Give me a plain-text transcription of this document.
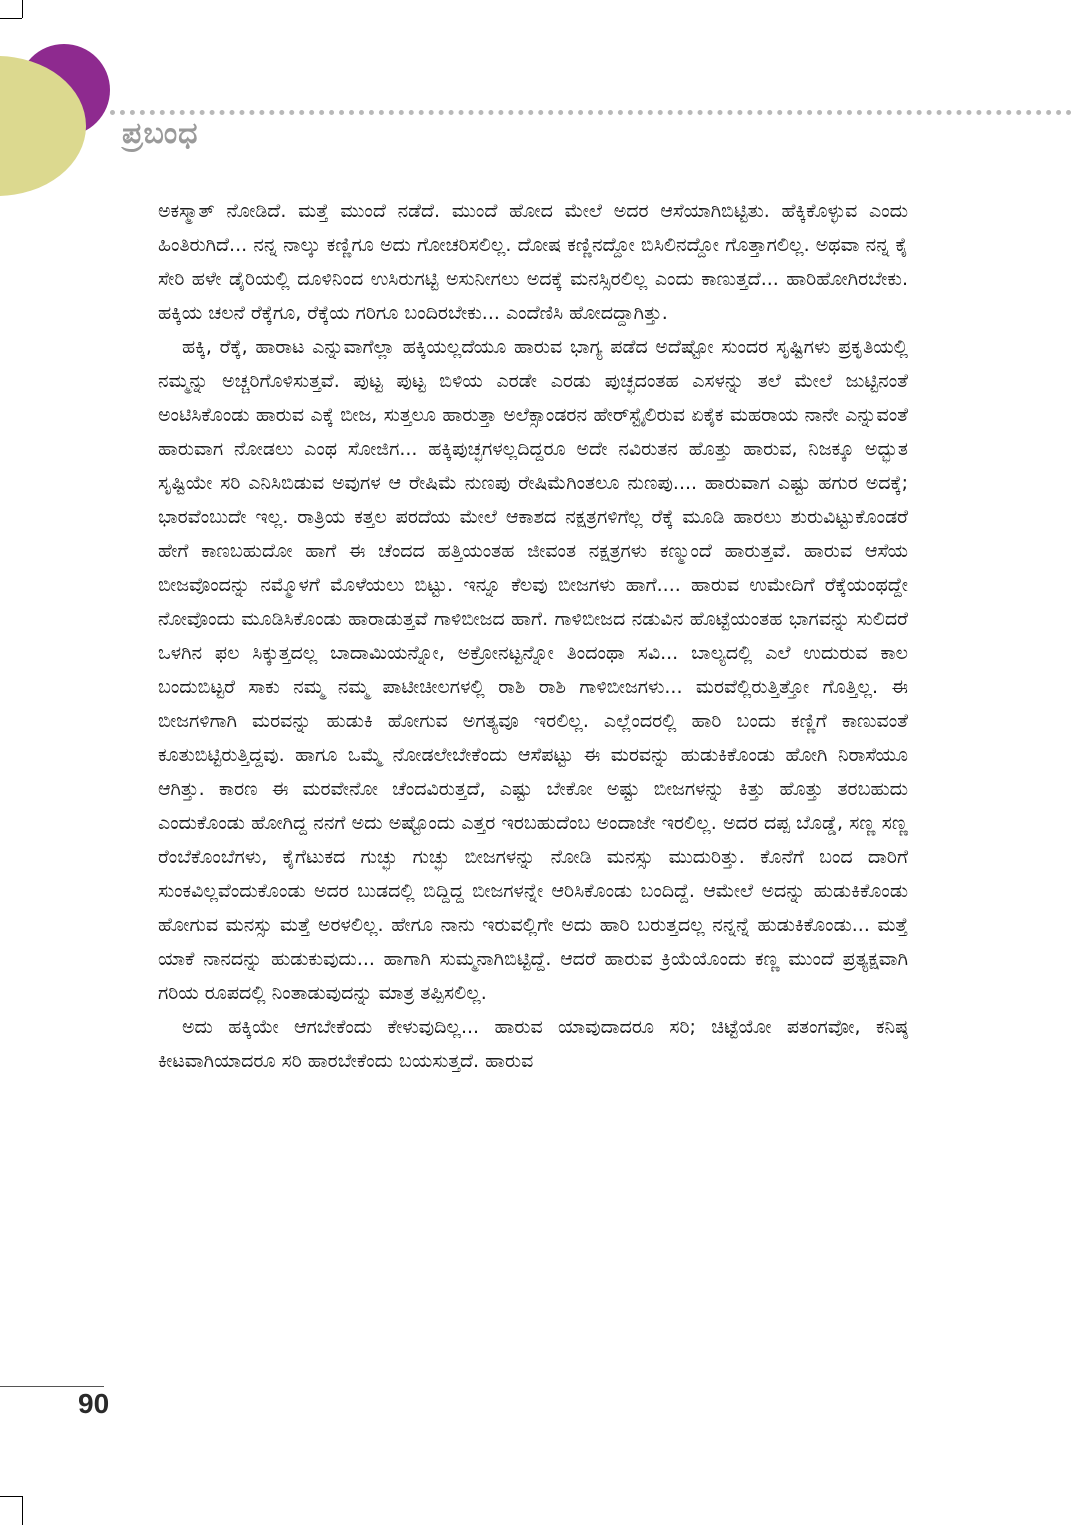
ಪ್ರಬಂಧ

ಅಕಸ್ಮಾತ್ ನೋಡಿದೆ. ಮತ್ತೆ ಮುಂದೆ ನಡೆದೆ. ಮುಂದೆ ಹೋದ ಮೇಲೆ ಅದರ ಆಸೆಯಾಗಿಬಿಟ್ಟಿತು. ಹೆಕ್ಕಿಕೊಳ್ಳುವ ಎಂದು ಹಿಂತಿರುಗಿದೆ... ನನ್ನ ನಾಲ್ಕು ಕಣ್ಣಿಗೂ ಅದು ಗೋಚರಿಸಲಿಲ್ಲ. ದೋಷ ಕಣ್ಣಿನದ್ದೋ ಬಿಸಿಲಿನದ್ದೋ ಗೊತ್ತಾಗಲಿಲ್ಲ. ಅಥವಾ ನನ್ನ ಕೈ ಸೇರಿ ಹಳೇ ಡೈರಿಯಲ್ಲಿ ದೂಳಿನಿಂದ ಉಸಿರುಗಟ್ಟಿ ಅಸುನೀಗಲು ಅದಕ್ಕೆ ಮನಸ್ಸಿರಲಿಲ್ಲ ಎಂದು ಕಾಣುತ್ತದೆ... ಹಾರಿಹೋಗಿರಬೇಕು. ಹಕ್ಕಿಯ ಚಲನೆ ರೆಕ್ಕೆಗೂ, ರೆಕ್ಕೆಯ ಗರಿಗೂ ಬಂದಿರಬೇಕು... ಎಂದೆಣಿಸಿ ಹೋದದ್ದಾಗಿತ್ತು.

ಹಕ್ಕಿ, ರೆಕ್ಕೆ, ಹಾರಾಟ ಎನ್ನುವಾಗೆಲ್ಲಾ ಹಕ್ಕಿಯಲ್ಲದೆಯೂ ಹಾರುವ ಭಾಗ್ಯ ಪಡೆದ ಅದೆಷ್ಟೋ ಸುಂದರ ಸೃಷ್ಟಿಗಳು ಪ್ರಕೃತಿಯಲ್ಲಿ ನಮ್ಮನ್ನು ಅಚ್ಚರಿಗೊಳಿಸುತ್ತವೆ. ಪುಟ್ಟ ಪುಟ್ಟ ಬಿಳಿಯ ಎರಡೇ ಎರಡು ಪುಚ್ಛದಂತಹ ಎಸಳನ್ನು ತಲೆ ಮೇಲೆ ಜುಟ್ಟಿನಂತೆ ಅಂಟಿಸಿಕೊಂಡು ಹಾರುವ ಎಕ್ಕೆ ಬೀಜ, ಸುತ್ತಲೂ ಹಾರುತ್ತಾ ಅಲೆಕ್ಸಾಂಡರನ ಹೇರ್‌ಸ್ಟೈಲಿರುವ ಏಕೈಕ ಮಹರಾಯ ನಾನೇ ಎನ್ನುವಂತೆ ಹಾರುವಾಗ ನೋಡಲು ಎಂಥ ಸೋಜಿಗ... ಹಕ್ಕಿಪುಚ್ಛಗಳಲ್ಲದಿದ್ದರೂ ಅದೇ ನವಿರುತನ ಹೊತ್ತು ಹಾರುವ, ನಿಜಕ್ಕೂ ಅದ್ಭುತ ಸೃಷ್ಟಿಯೇ ಸರಿ ಎನಿಸಿಬಿಡುವ ಅವುಗಳ ಆ ರೇಷಿಮೆ ನುಣಪು ರೇಷಿಮೆಗಿಂತಲೂ ನುಣಪು.... ಹಾರುವಾಗ ಎಷ್ಟು ಹಗುರ ಅದಕ್ಕೆ; ಭಾರವೆಂಬುದೇ ಇಲ್ಲ. ರಾತ್ರಿಯ ಕತ್ತಲ ಪರದೆಯ ಮೇಲೆ ಆಕಾಶದ ನಕ್ಷತ್ರಗಳಿಗೆಲ್ಲ ರೆಕ್ಕೆ ಮೂಡಿ ಹಾರಲು ಶುರುವಿಟ್ಟುಕೊಂಡರೆ ಹೇಗೆ ಕಾಣಬಹುದೋ ಹಾಗೆ ಈ ಚೆಂದದ ಹತ್ತಿಯಂತಹ ಜೀವಂತ ನಕ್ಷತ್ರಗಳು ಕಣ್ಮುಂದೆ ಹಾರುತ್ತವೆ. ಹಾರುವ ಆಸೆಯ ಬೀಜವೊಂದನ್ನು ನಮ್ಮೊಳಗೆ ಮೊಳೆಯಲು ಬಿಟ್ಟು. ಇನ್ನೂ ಕೆಲವು ಬೀಜಗಳು ಹಾಗೆ.... ಹಾರುವ ಉಮೇದಿಗೆ ರೆಕ್ಕೆಯಂಥದ್ದೇ ನೋವೊಂದು ಮೂಡಿಸಿಕೊಂಡು ಹಾರಾಡುತ್ತವೆ ಗಾಳಿಬೀಜದ ಹಾಗೆ. ಗಾಳಿಬೀಜದ ನಡುವಿನ ಹೊಟ್ಟೆಯಂತಹ ಭಾಗವನ್ನು ಸುಲಿದರೆ ಒಳಗಿನ ಫಲ ಸಿಕ್ಕುತ್ತದಲ್ಲ ಬಾದಾಮಿಯನ್ನೋ, ಅಕ್ರೋನಟ್ಟನ್ನೋ ತಿಂದಂಥಾ ಸವಿ... ಬಾಲ್ಯದಲ್ಲಿ ಎಲೆ ಉದುರುವ ಕಾಲ ಬಂದುಬಿಟ್ಟರೆ ಸಾಕು ನಮ್ಮ ನಮ್ಮ ಪಾಟೀಚೀಲಗಳಲ್ಲಿ ರಾಶಿ ರಾಶಿ ಗಾಳಿಬೀಜಗಳು... ಮರವೆಲ್ಲಿರುತ್ತಿತ್ತೋ ಗೊತ್ತಿಲ್ಲ. ಈ ಬೀಜಗಳಿಗಾಗಿ ಮರವನ್ನು ಹುಡುಕಿ ಹೋಗುವ ಅಗತ್ಯವೂ ಇರಲಿಲ್ಲ. ಎಲ್ಲೆಂದರಲ್ಲಿ ಹಾರಿ ಬಂದು ಕಣ್ಣಿಗೆ ಕಾಣುವಂತೆ ಕೂತುಬಿಟ್ಟಿರುತ್ತಿದ್ದವು. ಹಾಗೂ ಒಮ್ಮೆ ನೋಡಲೇಬೇಕೆಂದು ಆಸೆಪಟ್ಟು ಈ ಮರವನ್ನು ಹುಡುಕಿಕೊಂಡು ಹೋಗಿ ನಿರಾಸೆಯೂ ಆಗಿತ್ತು. ಕಾರಣ ಈ ಮರವೇನೋ ಚೆಂದವಿರುತ್ತದೆ, ಎಷ್ಟು ಬೇಕೋ ಅಷ್ಟು ಬೀಜಗಳನ್ನು ಕಿತ್ತು ಹೊತ್ತು ತರಬಹುದು ಎಂದುಕೊಂಡು ಹೋಗಿದ್ದ ನನಗೆ ಅದು ಅಷ್ಟೊಂದು ಎತ್ತರ ಇರಬಹುದೆಂಬ ಅಂದಾಜೇ ಇರಲಿಲ್ಲ. ಅದರ ದಪ್ಪ ಬೊಡ್ಡೆ, ಸಣ್ಣ ಸಣ್ಣ ರೆಂಬೆಕೊಂಬೆಗಳು, ಕೈಗೆಟುಕದ ಗುಚ್ಛು ಗುಚ್ಛು ಬೀಜಗಳನ್ನು ನೋಡಿ ಮನಸ್ಸು ಮುದುರಿತ್ತು. ಕೊನೆಗೆ ಬಂದ ದಾರಿಗೆ ಸುಂಕವಿಲ್ಲವೆಂದುಕೊಂಡು ಅದರ ಬುಡದಲ್ಲಿ ಬಿದ್ದಿದ್ದ ಬೀಜಗಳನ್ನೇ ಆರಿಸಿಕೊಂಡು ಬಂದಿದ್ದೆ. ಆಮೇಲೆ ಅದನ್ನು ಹುಡುಕಿಕೊಂಡು ಹೋಗುವ ಮನಸ್ಸು ಮತ್ತೆ ಅರಳಲಿಲ್ಲ. ಹೇಗೂ ನಾನು ಇರುವಲ್ಲಿಗೇ ಅದು ಹಾರಿ ಬರುತ್ತದಲ್ಲ ನನ್ನನ್ನೆ ಹುಡುಕಿಕೊಂಡು... ಮತ್ತೆ ಯಾಕೆ ನಾನದನ್ನು ಹುಡುಕುವುದು... ಹಾಗಾಗಿ ಸುಮ್ಮನಾಗಿಬಿಟ್ಟಿದ್ದೆ. ಆದರೆ ಹಾರುವ ಕ್ರಿಯೆಯೊಂದು ಕಣ್ಣ ಮುಂದೆ ಪ್ರತ್ಯಕ್ಷವಾಗಿ ಗರಿಯ ರೂಪದಲ್ಲಿ ನಿಂತಾಡುವುದನ್ನು ಮಾತ್ರ ತಪ್ಪಿಸಲಿಲ್ಲ.

ಅದು ಹಕ್ಕಿಯೇ ಆಗಬೇಕೆಂದು ಕೇಳುವುದಿಲ್ಲ... ಹಾರುವ ಯಾವುದಾದರೂ ಸರಿ; ಚಿಟ್ಟೆಯೋ ಪತಂಗವೋ, ಕನಿಷ್ಠ ಕೀಟವಾಗಿಯಾದರೂ ಸರಿ ಹಾರಬೇಕೆಂದು ಬಯಸುತ್ತದೆ. ಹಾರುವ

90
